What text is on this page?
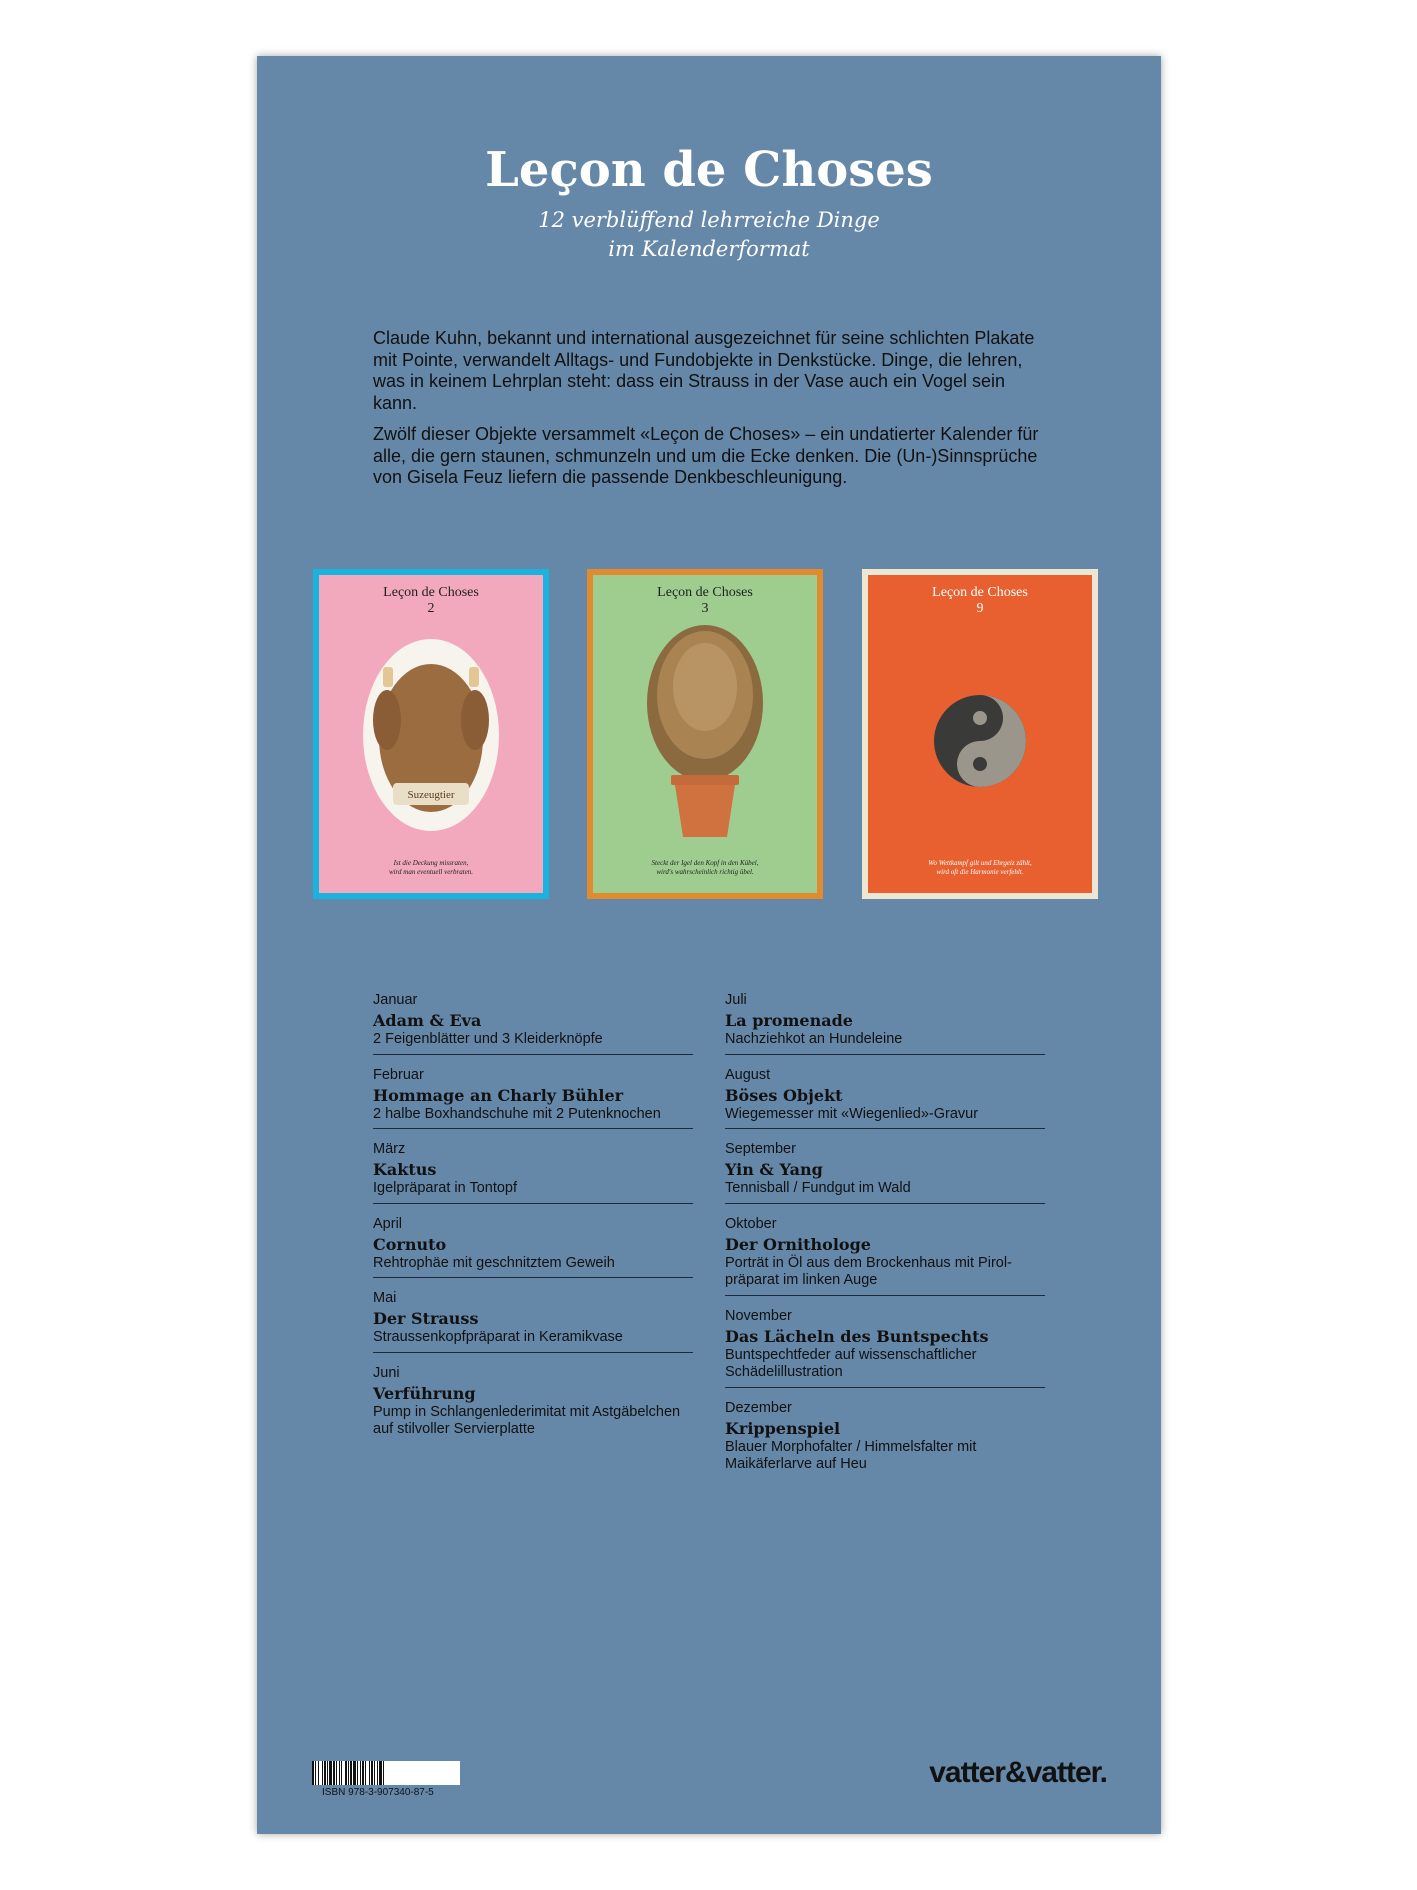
Leçon de Choses
12 verblüffend lehrreiche Dinge
im Kalenderformat

Claude Kuhn, bekannt und international ausgezeichnet für seine schlichten Plakate mit Pointe, verwandelt Alltags- und Fundobjekte in Denkstücke. Dinge, die lehren, was in keinem Lehrplan steht: dass ein Strauss in der Vase auch ein Vogel sein kann.

Zwölf dieser Objekte versammelt «Leçon de Choses» – ein undatierter Kalender für alle, die gern staunen, schmunzeln und um die Ecke denken. Die (Un-)Sinnsprüche von Gisela Feuz liefern die passende Denkbeschleunigung.

Suzeugtier
Leçon de Choses
2
Ist die Deckung missraten,
wird man eventuell verbraten.
Leçon de Choses
3
Steckt der Igel den Kopf in den Kübel,
wird's wahrscheinlich richtig übel.
Leçon de Choses
9
Wo Wettkampf gilt und Ehrgeiz zählt,
wird oft die Harmonie verfehlt.
Januar
Adam & Eva
2 Feigenblätter und 3 Kleiderknöpfe
Februar
Hommage an Charly Bühler
2 halbe Boxhandschuhe mit 2 Putenknochen
März
Kaktus
Igelpräparat in Tontopf
April
Cornuto
Rehtrophäe mit geschnitztem Geweih
Mai
Der Strauss
Straussenkopfpräparat in Keramikvase
Juni
Verführung
Pump in Schlangenlederimitat mit Astgäbelchen auf stilvoller Servierplatte
Juli
La promenade
Nachziehkot an Hundeleine
August
Böses Objekt
Wiegemesser mit «Wiegenlied»-Gravur
September
Yin & Yang
Tennisball / Fundgut im Wald
Oktober
Der Ornithologe
Porträt in Öl aus dem Brockenhaus mit Pirol-präparat im linken Auge
November
Das Lächeln des Buntspechts
Buntspechtfeder auf wissenschaftlicher Schädelillustration
Dezember
Krippenspiel
Blauer Morphofalter / Himmelsfalter mit Maikäferlarve auf Heu
ISBN 978-3-907340-87-5
vatter&vatter.
